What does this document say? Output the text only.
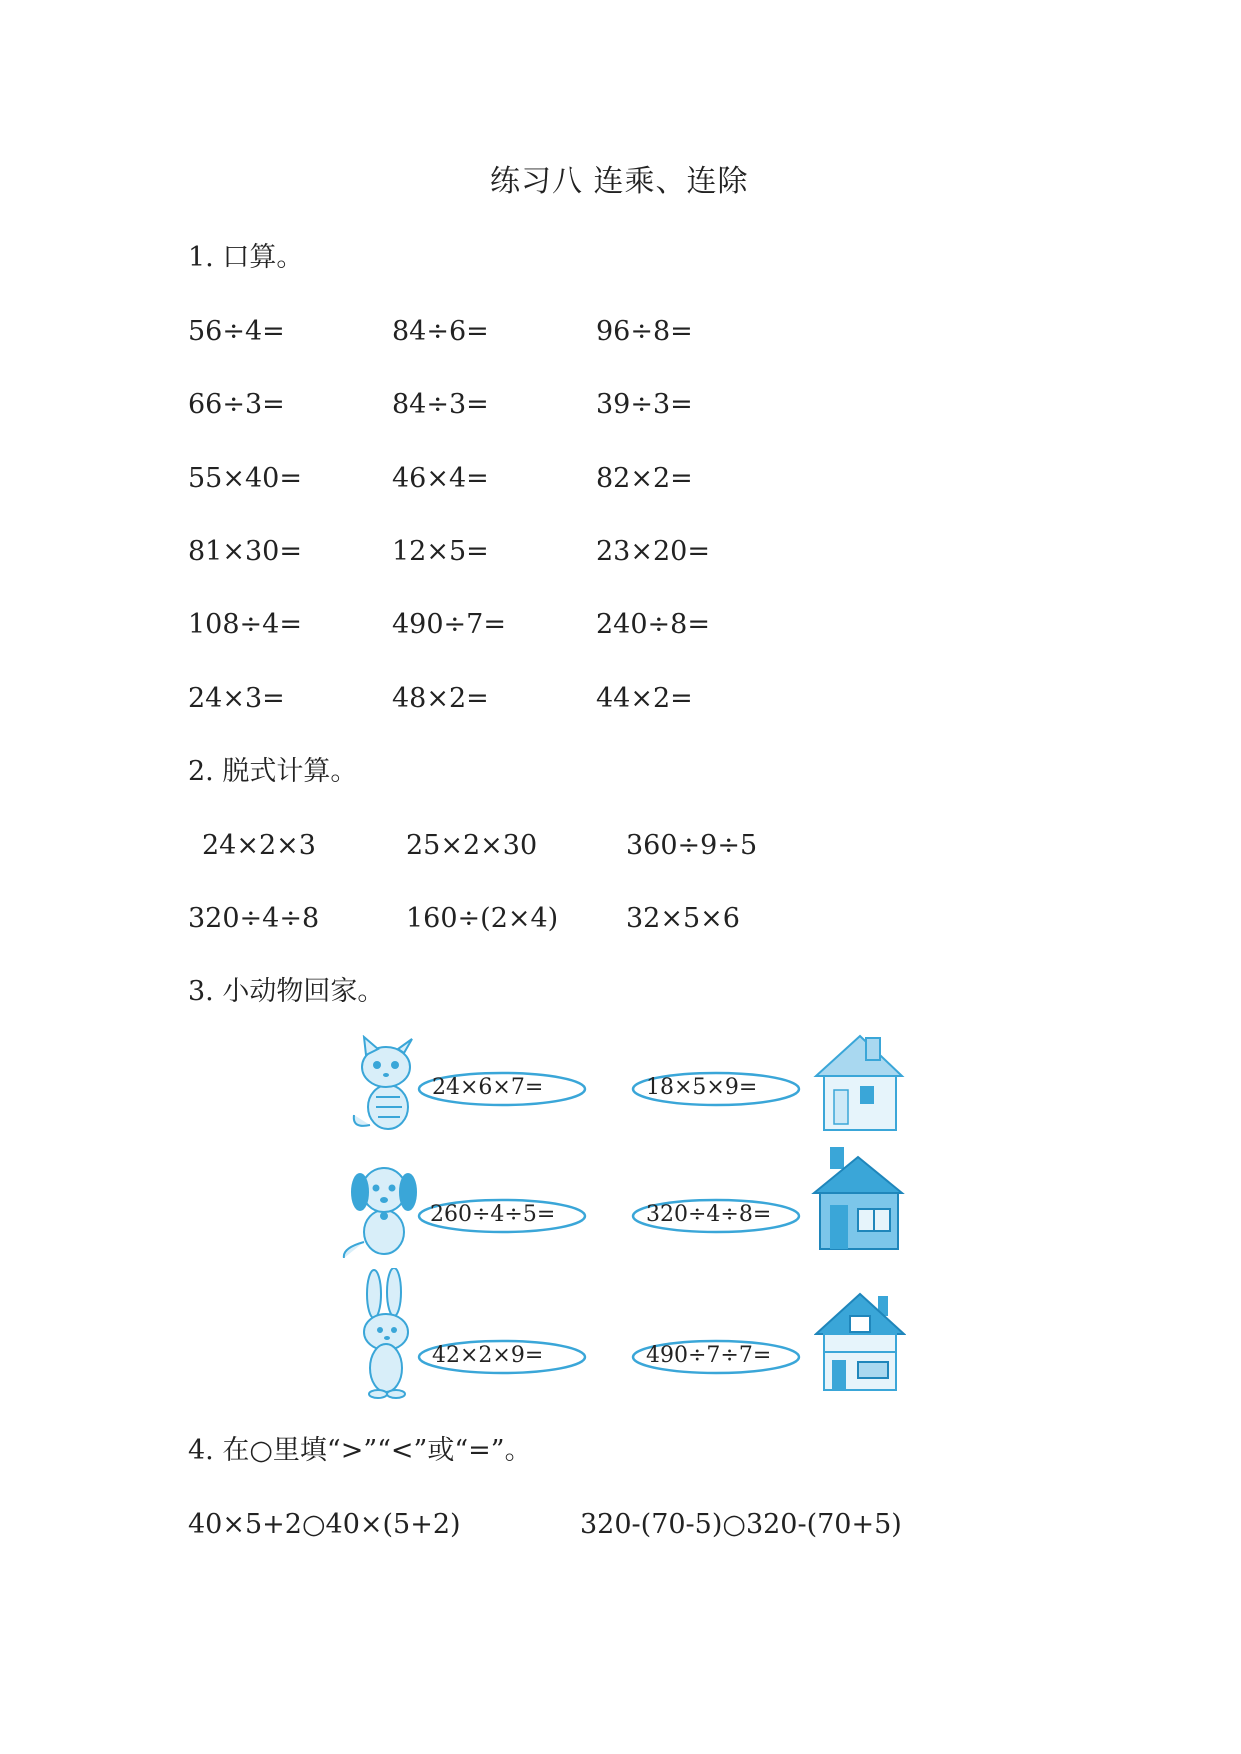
练习八 连乘、连除
1. 口算。
56÷4=	84÷6=	96÷8=
66÷3=	84÷3=	39÷3=
55×40=	46×4=	82×2=
81×30=	12×5=	23×20=
108÷4=	490÷7=	240÷8=
24×3=	48×2=	44×2=
2. 脱式计算。
24×2×3	25×2×30	360÷9÷5
320÷4÷8	160÷(2×4)	32×5×6
3. 小动物回家。
24×6×7=
260÷4÷5=
42×2×9=
18×5×9=
320÷4÷8=
490÷7÷7=
4. 在○里填“>”“<”或“=”。
40×5+2○40×(5+2)	320-(70-5)○320-(70+5)
